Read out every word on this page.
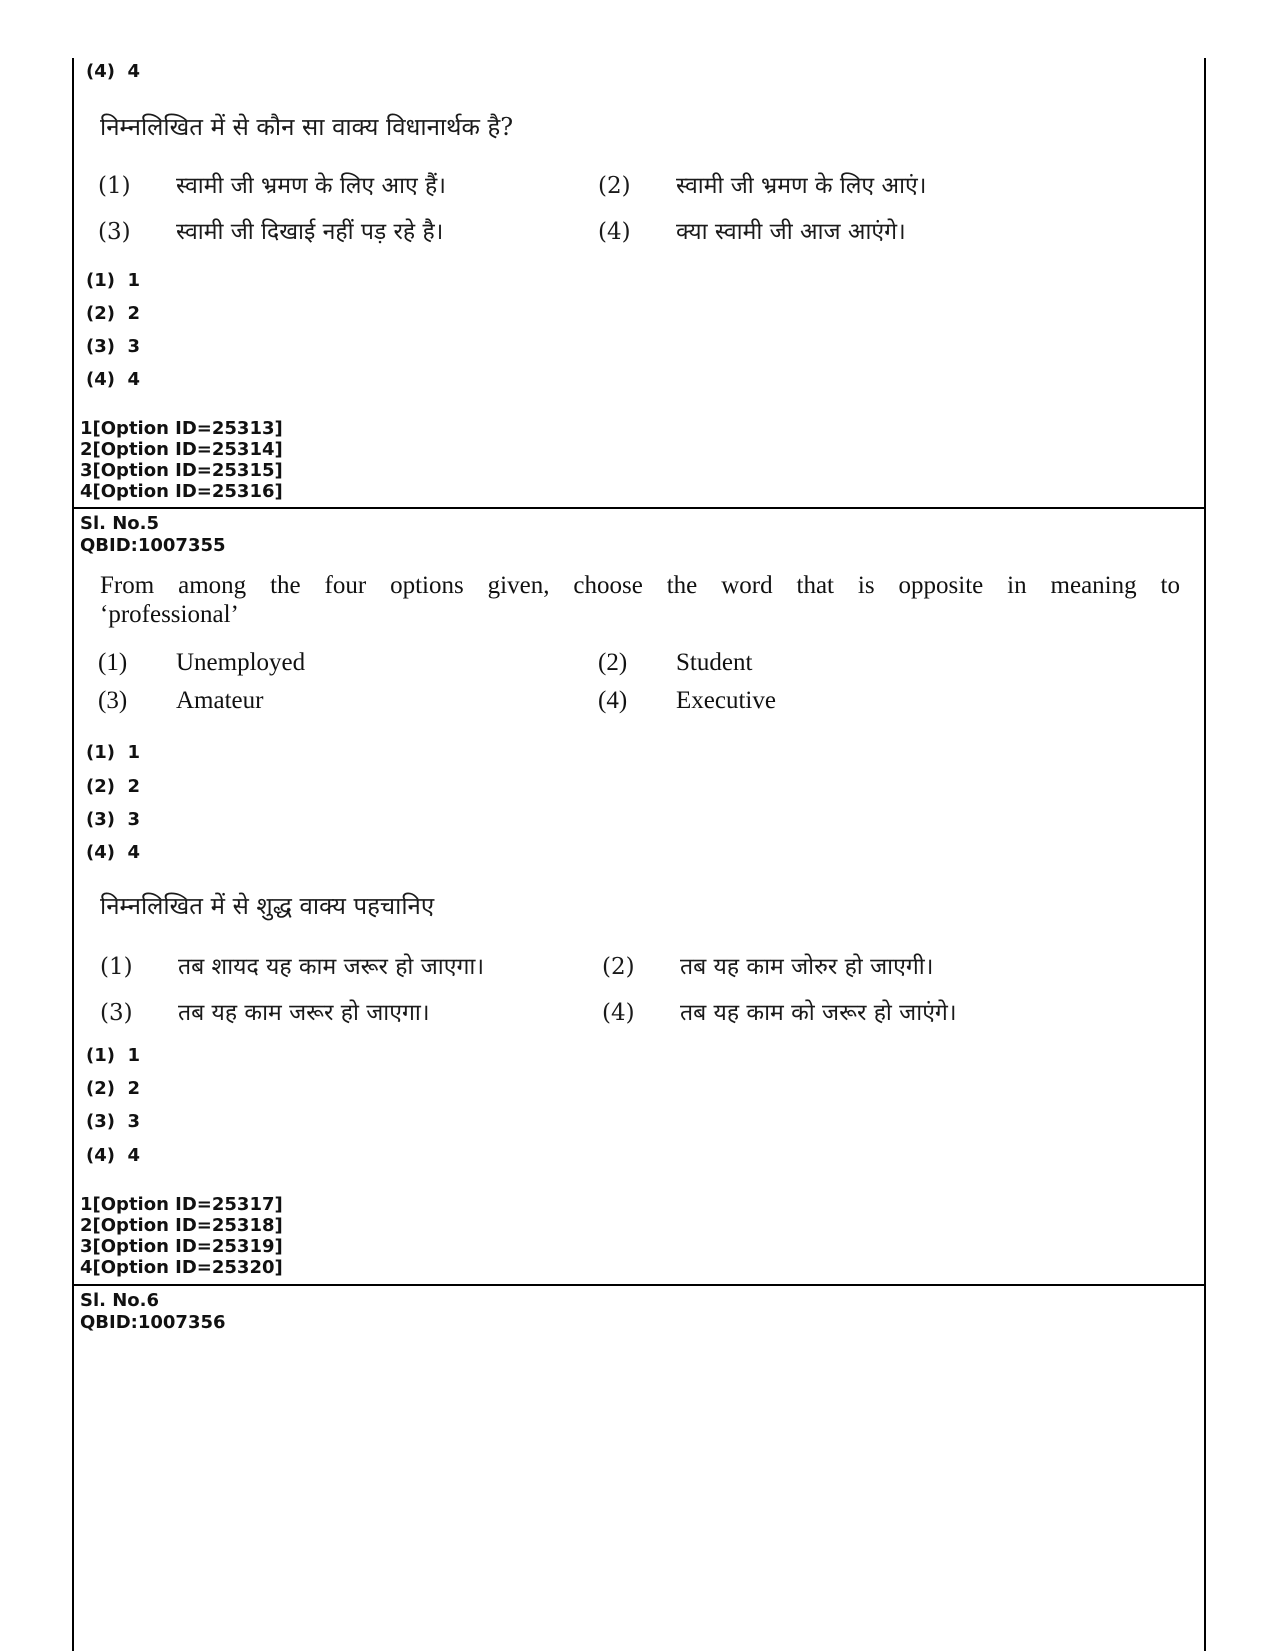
(4)  4
निम्नलिखित में से कौन सा वाक्य विधानार्थक है?
(1) स्वामी जी भ्रमण के लिए आए हैं।	(2) स्वामी जी भ्रमण के लिए आएं।
(3) स्वामी जी दिखाई नहीं पड़ रहे है।	(4) क्या स्वामी जी आज आएंगे।
(1)  1
(2)  2
(3)  3
(4)  4
1[Option ID=25313]
2[Option ID=25314]
3[Option ID=25315]
4[Option ID=25316]
Sl. No.5
QBID:1007355
From among the four options given, choose the word that is opposite in meaning to
‘professional’
(1) Unemployed	(2) Student
(3) Amateur	(4) Executive
(1)  1
(2)  2
(3)  3
(4)  4
निम्नलिखित में से शुद्ध वाक्य पहचानिए
(1) तब शायद यह काम जरूर हो जाएगा।	(2) तब यह काम जोरुर हो जाएगी।
(3) तब यह काम जरूर हो जाएगा।	(4) तब यह काम को जरूर हो जाएंगे।
(1)  1
(2)  2
(3)  3
(4)  4
1[Option ID=25317]
2[Option ID=25318]
3[Option ID=25319]
4[Option ID=25320]
Sl. No.6
QBID:1007356
